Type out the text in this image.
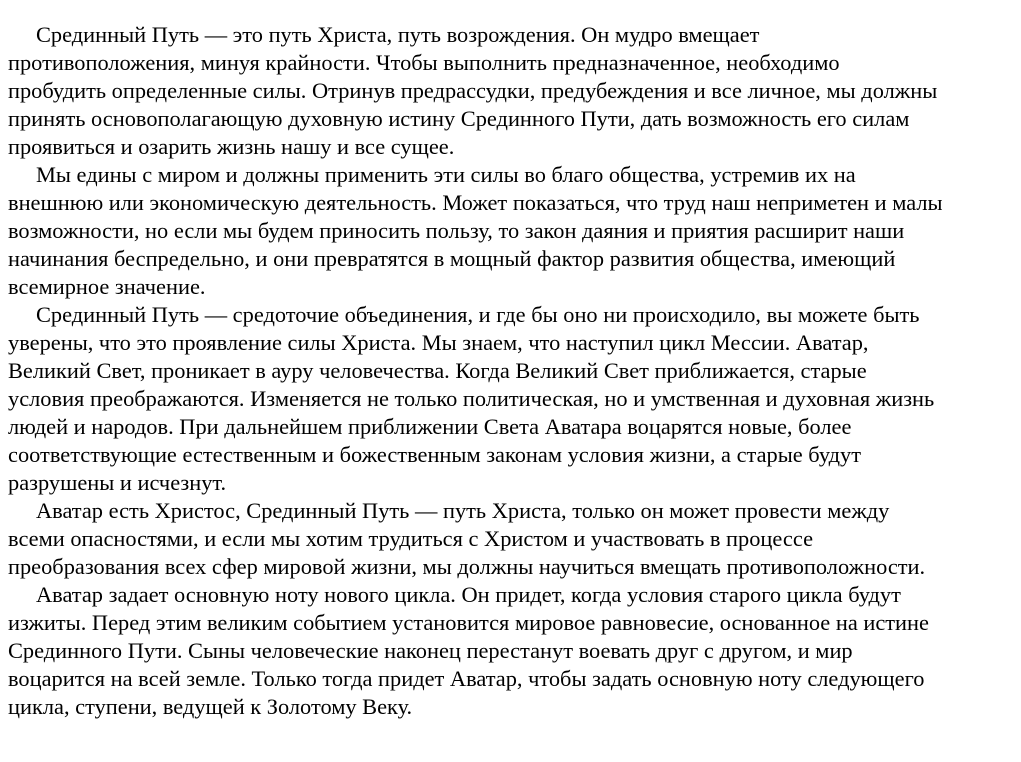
Срединный Путь — это путь Христа, путь возрождения. Он мудро вмещает
противоположения, минуя крайности. Чтобы выполнить предназначенное, необходимо
пробудить определенные силы. Отринув предрассудки, предубеждения и все личное, мы должны
принять основополагающую духовную истину Срединного Пути, дать возможность его силам
проявиться и озарить жизнь нашу и все сущее.

Мы едины с миром и должны применить эти силы во благо общества, устремив их на
внешнюю или экономическую деятельность. Может показаться, что труд наш неприметен и малы
возможности, но если мы будем приносить пользу, то закон даяния и приятия расширит наши
начинания беспредельно, и они превратятся в мощный фактор развития общества, имеющий
всемирное значение.

Срединный Путь — средоточие объединения, и где бы оно ни происходило, вы можете быть
уверены, что это проявление силы Христа. Мы знаем, что наступил цикл Мессии. Аватар,
Великий Свет, проникает в ауру человечества. Когда Великий Свет приближается, старые
условия преображаются. Изменяется не только политическая, но и умственная и духовная жизнь
людей и народов. При дальнейшем приближении Света Аватара воцарятся новые, более
соответствующие естественным и божественным законам условия жизни, а старые будут
разрушены и исчезнут.

Аватар есть Христос, Срединный Путь — путь Христа, только он может провести между
всеми опасностями, и если мы хотим трудиться с Христом и участвовать в процессе
преобразования всех сфер мировой жизни, мы должны научиться вмещать противоположности.

Аватар задает основную ноту нового цикла. Он придет, когда условия старого цикла будут
изжиты. Перед этим великим событием установится мировое равновесие, основанное на истине
Срединного Пути. Сыны человеческие наконец перестанут воевать друг с другом, и мир
воцарится на всей земле. Только тогда придет Аватар, чтобы задать основную ноту следующего
цикла, ступени, ведущей к Золотому Веку.
